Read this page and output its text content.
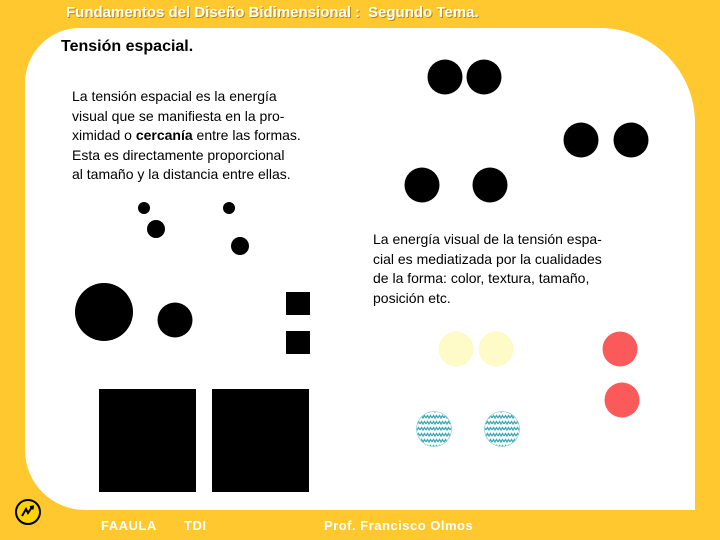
Fundamentos del Diseño Bidimensional : Segundo Tema.
Tensión espacial.

La tensión espacial es la energía
visual que se manifiesta en la pro-
ximidad o cercanía entre las formas.
Esta es directamente proporcional
al tamaño y la distancia entre ellas.

La energía visual de la tensión espa-
cial es mediatizada por la cualidades
de la forma: color, textura, tamaño,
posición etc.

FAAULA TDI	Prof. Francisco Olmos
